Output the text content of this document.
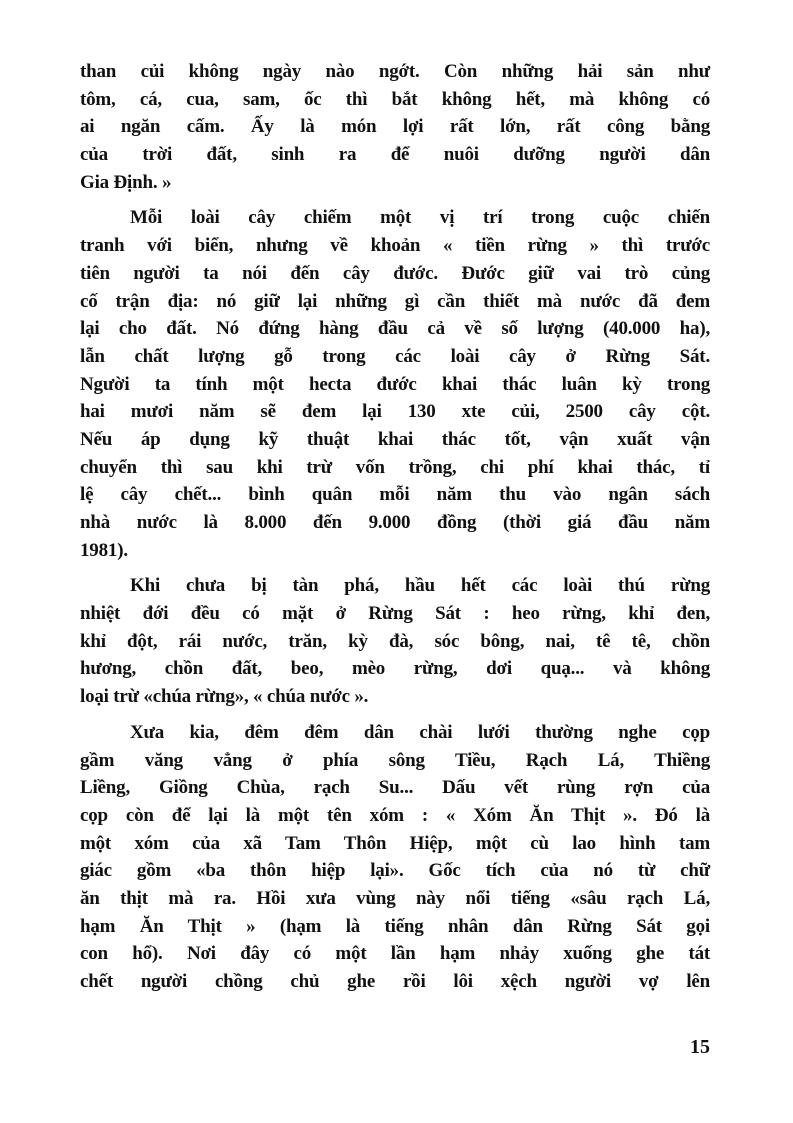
than củi không ngày nào ngớt. Còn những hải sản như
tôm, cá, cua, sam, ốc thì bắt không hết, mà không có
ai ngăn cấm. Ấy là món lợi rất lớn, rất công bằng
của trời đất, sinh ra để nuôi dưỡng người dân
Gia Định. »
Mỗi loài cây chiếm một vị trí trong cuộc chiến
tranh với biển, nhưng về khoản « tiền rừng » thì trước
tiên người ta nói đến cây đước. Đước giữ vai trò củng
cố trận địa: nó giữ lại những gì cần thiết mà nước đã đem
lại cho đất. Nó đứng hàng đầu cả về số lượng (40.000 ha),
lẫn chất lượng gỗ trong các loài cây ở Rừng Sát.
Người ta tính một hecta đước khai thác luân kỳ trong
hai mươi năm sẽ đem lại 130 xte củi, 2500 cây cột.
Nếu áp dụng kỹ thuật khai thác tốt, vận xuất vận
chuyển thì sau khi trừ vốn trồng, chi phí khai thác, tỉ
lệ cây chết... bình quân mỗi năm thu vào ngân sách
nhà nước là 8.000 đến 9.000 đồng (thời giá đầu năm
1981).
Khi chưa bị tàn phá, hầu hết các loài thú rừng
nhiệt đới đều có mặt ở Rừng Sát : heo rừng, khỉ đen,
khỉ đột, rái nước, trăn, kỳ đà, sóc bông, nai, tê tê, chồn
hương, chồn đất, beo, mèo rừng, dơi quạ... và không
loại trừ «chúa rừng», « chúa nước ».
Xưa kia, đêm đêm dân chài lưới thường nghe cọp
gầm văng vẳng ở phía sông Tiều, Rạch Lá, Thiềng
Liềng, Giồng Chùa, rạch Su... Dấu vết rùng rợn của
cọp còn để lại là một tên xóm : « Xóm Ăn Thịt ». Đó là
một xóm của xã Tam Thôn Hiệp, một cù lao hình tam
giác gồm «ba thôn hiệp lại». Gốc tích của nó từ chữ
ăn thịt mà ra. Hồi xưa vùng này nổi tiếng «sâu rạch Lá,
hạm Ăn Thịt » (hạm là tiếng nhân dân Rừng Sát gọi
con hổ). Nơi đây có một lần hạm nhảy xuống ghe tát
chết người chồng chủ ghe rồi lôi xệch người vợ lên
15
